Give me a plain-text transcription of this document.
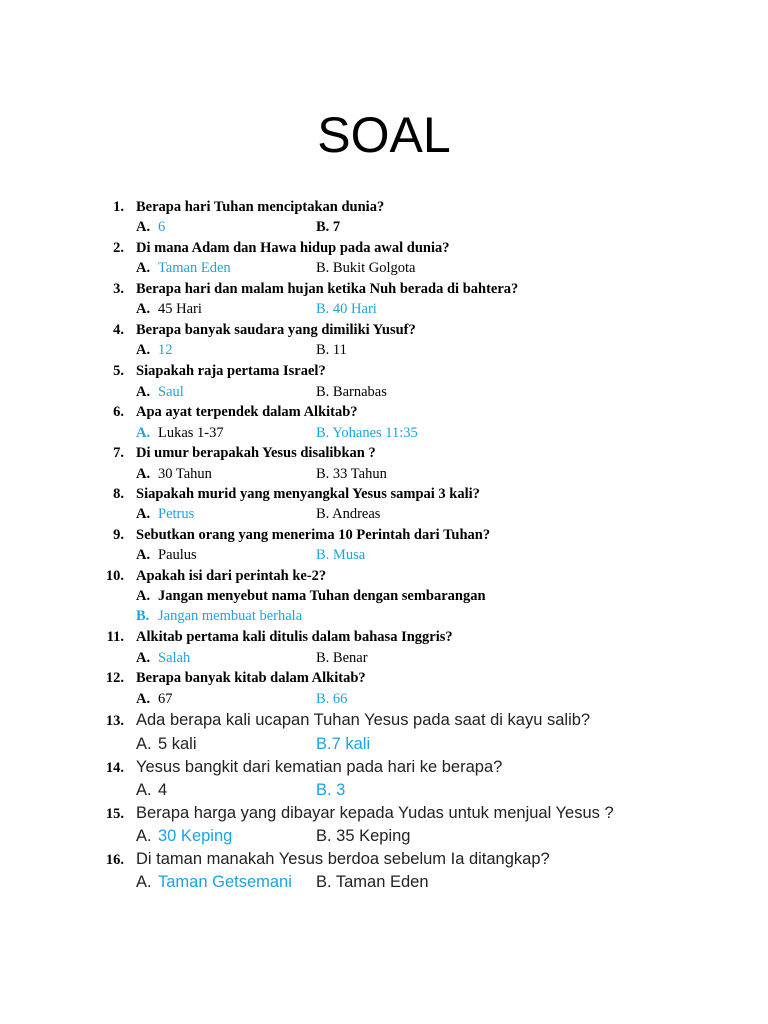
SOAL
1. Berapa hari Tuhan menciptakan dunia?
A. 6	B. 7
2. Di mana Adam dan Hawa hidup pada awal dunia?
A. Taman Eden	B. Bukit Golgota
3. Berapa hari dan malam hujan ketika Nuh berada di bahtera?
A. 45 Hari	B. 40 Hari
4. Berapa banyak saudara yang dimiliki Yusuf?
A. 12	B. 11
5. Siapakah raja pertama Israel?
A. Saul	B. Barnabas
6. Apa ayat terpendek dalam Alkitab?
A. Lukas 1-37	B. Yohanes 11:35
7. Di umur berapakah Yesus disalibkan ?
A. 30 Tahun	B. 33 Tahun
8. Siapakah murid yang menyangkal Yesus sampai 3 kali?
A. Petrus	B. Andreas
9. Sebutkan orang yang menerima 10 Perintah dari Tuhan?
A. Paulus	B. Musa
10. Apakah isi dari perintah ke-2?
A. Jangan menyebut nama Tuhan dengan sembarangan
B. Jangan membuat berhala
11. Alkitab pertama kali ditulis dalam bahasa Inggris?
A. Salah	B. Benar
12. Berapa banyak kitab dalam Alkitab?
A. 67	B. 66
13. Ada berapa kali ucapan Tuhan Yesus pada saat di kayu salib?
A. 5 kali	B.7 kali
14. Yesus bangkit dari kematian pada hari ke berapa?
A. 4	B. 3
15. Berapa harga yang dibayar kepada Yudas untuk menjual Yesus ?
A. 30 Keping	B. 35 Keping
16. Di taman manakah Yesus berdoa sebelum Ia ditangkap?
A. Taman Getsemani B. Taman Eden
